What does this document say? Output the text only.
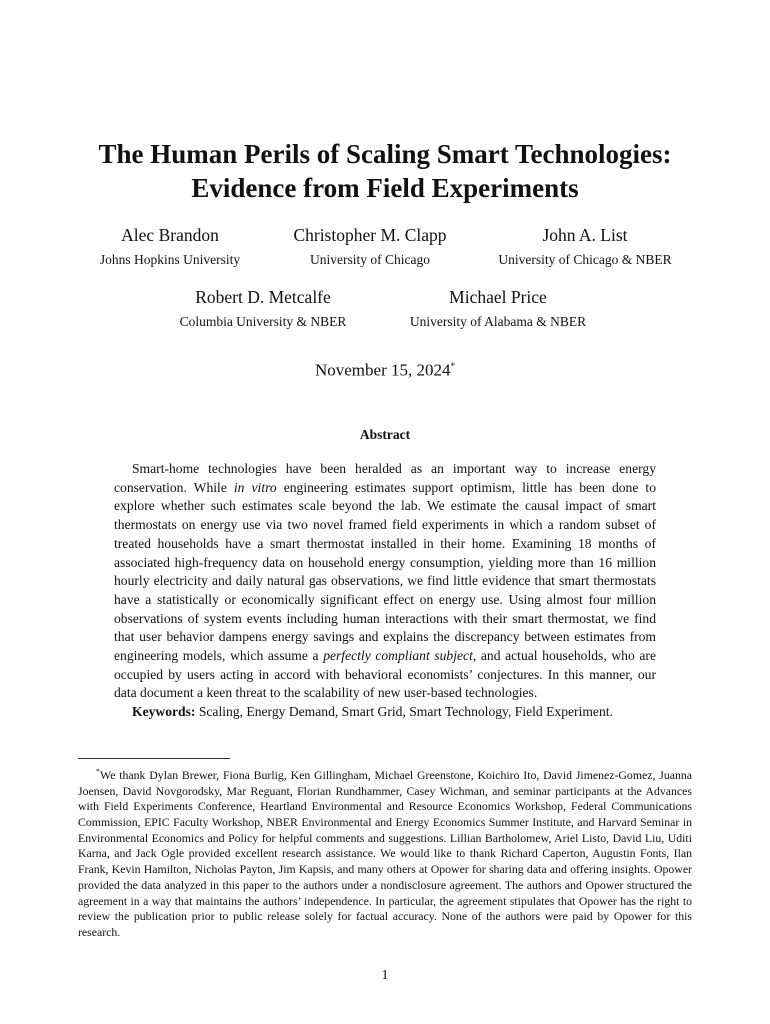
The Human Perils of Scaling Smart Technologies:
Evidence from Field Experiments
Alec Brandon
Johns Hopkins University
Christopher M. Clapp
University of Chicago
John A. List
University of Chicago & NBER
Robert D. Metcalfe
Columbia University & NBER
Michael Price
University of Alabama & NBER
November 15, 2024*
Abstract

Smart-home technologies have been heralded as an important way to increase energy conservation. While in vitro engineering estimates support optimism, little has been done to explore whether such estimates scale beyond the lab. We estimate the causal impact of smart thermostats on energy use via two novel framed field experiments in which a random subset of treated households have a smart thermostat installed in their home. Examining 18 months of associated high-frequency data on household energy consumption, yielding more than 16 million hourly electricity and daily natural gas observations, we find little evidence that smart thermostats have a statistically or economically significant effect on energy use. Using almost four million observations of system events including human interactions with their smart thermostat, we find that user behavior dampens energy savings and explains the discrepancy between estimates from engineering models, which assume a perfectly compliant subject, and actual households, who are occupied by users acting in accord with behavioral economists’ conjectures. In this manner, our data document a keen threat to the scalability of new user-based technologies.

Keywords: Scaling, Energy Demand, Smart Grid, Smart Technology, Field Experiment.

*We thank Dylan Brewer, Fiona Burlig, Ken Gillingham, Michael Greenstone, Koichiro Ito, David Jimenez-Gomez, Juanna Joensen, David Novgorodsky, Mar Reguant, Florian Rundhammer, Casey Wichman, and seminar participants at the Advances with Field Experiments Conference, Heartland Environmental and Resource Economics Workshop, Federal Communications Commission, EPIC Faculty Workshop, NBER Environmental and Energy Economics Summer Institute, and Harvard Seminar in Environmental Economics and Policy for helpful comments and suggestions. Lillian Bartholomew, Ariel Listo, David Liu, Uditi Karna, and Jack Ogle provided excellent research assistance. We would like to thank Richard Caperton, Augustin Fonts, Ilan Frank, Kevin Hamilton, Nicholas Payton, Jim Kapsis, and many others at Opower for sharing data and offering insights. Opower provided the data analyzed in this paper to the authors under a nondisclosure agreement. The authors and Opower structured the agreement in a way that maintains the authors’ independence. In particular, the agreement stipulates that Opower has the right to review the publication prior to public release solely for factual accuracy. None of the authors were paid by Opower for this research.

1
